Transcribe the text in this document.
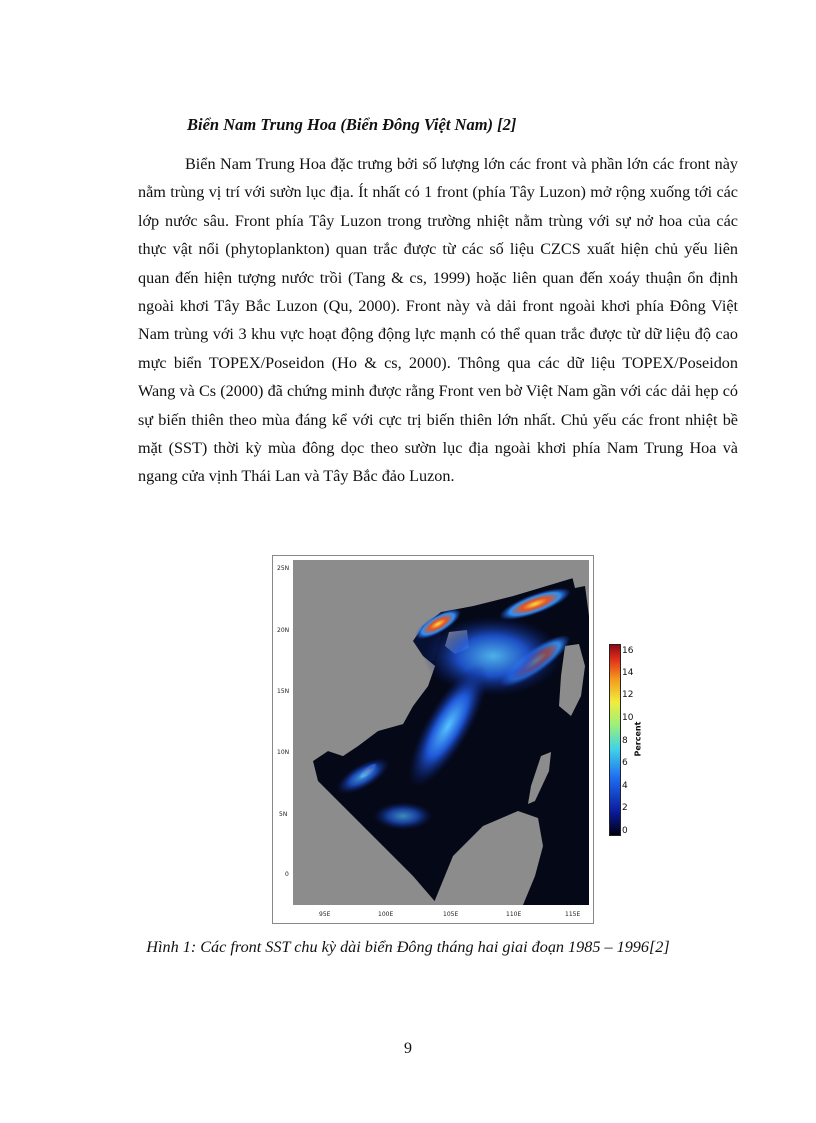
Biển Nam Trung Hoa (Biển Đông Việt Nam) [2]

Biển Nam Trung Hoa đặc trưng bởi số lượng lớn các front và phần lớn các front này nằm trùng vị trí với sườn lục địa. Ít nhất có 1 front (phía Tây Luzon) mở rộng xuống tới các lớp nước sâu. Front phía Tây Luzon trong trường nhiệt nằm trùng với sự nở hoa của các thực vật nổi (phytoplankton) quan trắc được từ các số liệu CZCS xuất hiện chủ yếu liên quan đến hiện tượng nước trồi (Tang & cs, 1999) hoặc liên quan đến xoáy thuận ổn định ngoài khơi Tây Bắc Luzon (Qu, 2000). Front này và dải front ngoài khơi phía Đông Việt Nam trùng với 3 khu vực hoạt động động lực mạnh có thể quan trắc được từ dữ liệu độ cao mực biển TOPEX/Poseidon (Ho & cs, 2000). Thông qua các dữ liệu TOPEX/Poseidon Wang và Cs (2000) đã chứng minh được rằng Front ven bờ Việt Nam gần với các dải hẹp có sự biến thiên theo mùa đáng kể với cực trị biến thiên lớn nhất. Chủ yếu các front nhiệt bề mặt (SST) thời kỳ mùa đông dọc theo sườn lục địa ngoài khơi phía Nam Trung Hoa và ngang cửa vịnh Thái Lan và Tây Bắc đảo Luzon.

25N
20N
15N
10N
5N
0
95E	100E	105E	110E	115E
16
14
12
10
8
6
4
2
0
Percent
Hình 1: Các front SST chu kỳ dài biển Đông tháng hai giai đoạn 1985 – 1996[2]
9
